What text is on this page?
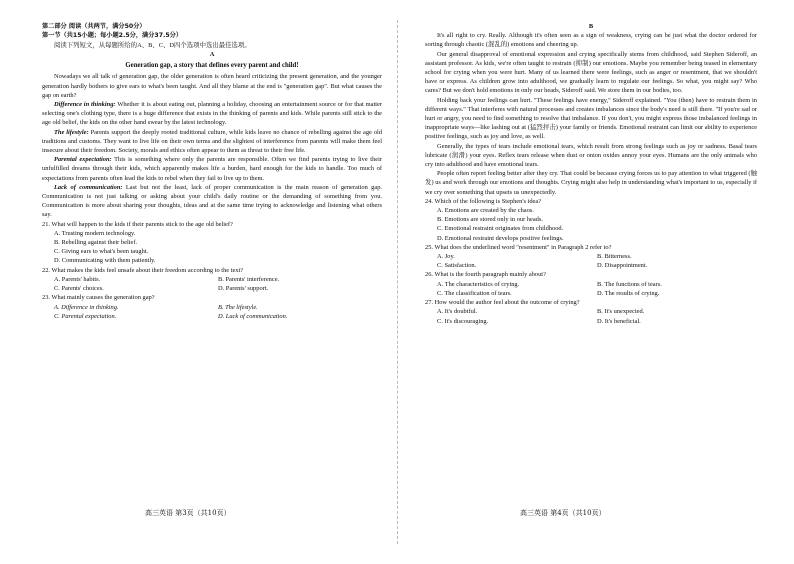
第二部分 阅读（共两节，满分50分）

第一节（共15小题；每小题2.5分，满分37.5分）

阅读下列短文，从每题所给的A、B、C、D四个选项中选出最佳选项。

A

Generation gap, a story that defines every parent and child!

Nowadays we all talk of generation gap, the older generation is often heard criticizing the present generation, and the younger generation hardly bothers to give ears to what's been taught. And all they blame at the end is "generation gap". But what causes the gap on earth?

Difference in thinking: Whether it is about eating out, planning a holiday, choosing an entertainment source or for that matter selecting one's clothing type, there is a huge difference that exists in the thinking of parents and kids. While parents still stick to the age old belief, the kids on the other hand swear by the latest technology.

The lifestyle: Parents support the deeply rooted traditional culture, while kids leave no chance of rebelling against the age old traditions and customs. They want to live life on their own terms and the slightest of interference from parents will make them feel insecure about their freedom. Society, morals and ethics often appear to them as threat to their free life.

Parental expectation: This is something where only the parents are responsible. Often we find parents trying to live their unfulfilled dreams through their kids, which apparently makes life a burden, hard enough for the kids to handle. Too much of expectations from parents often lead the kids to rebel when they fail to live up to them.

Lack of communication: Last but not the least, lack of proper communication is the main reason of generation gap. Communication is not just talking or asking about your child's daily routine or the demanding of something from you. Communication is more about sharing your thoughts, ideas and at the same time trying to acknowledge and listening what others say.

21. What will happen to the kids if their parents stick to the age old belief?

A. Trusting modern technology.

B. Rebelling against their belief.

C. Giving ears to what's been taught.

D. Communicating with them patiently.

22. What makes the kids feel unsafe about their freedom according to the text?

A. Parents' habits.	B. Parents' interference.
C. Parents' choices.	D. Parents' support.

23. What mainly causes the generation gap?

A. Difference in thinking.	B. The lifestyle.
C. Parental expectation.	D. Lack of communication.
高三英语 第3页（共10页）

B

It's all right to cry. Really. Although it's often seen as a sign of weakness, crying can be just what the doctor ordered for sorting through chaotic (混乱的) emotions and cheering up.

Our general disapproval of emotional expression and crying specifically stems from childhood, said Stephen Sideroff, an assistant professor. As kids, we're often taught to restrain (抑制) our emotions. Maybe you remember being teased in elementary school for crying when you were hurt. Many of us learned there were feelings, such as anger or resentment, that we shouldn't have or express. As children grow into adulthood, we gradually learn to regulate our feelings. So what, you might say? Who cares? But we don't hold emotions in only our heads, Sideroff said. We store them in our bodies, too.

Holding back your feelings can hurt. "These feelings have energy," Sideroff explained. "You (then) have to restrain them in different ways." That interferes with natural processes and creates imbalances since the body's need is still there. "If you're sad or hurt or angry, you need to find something to resolve that imbalance. If you don't, you might express those imbalanced feelings in inappropriate ways—like lashing out at (猛烈抨击) your family or friends. Emotional restraint can limit our ability to experience positive feelings, such as joy and love, as well.

Generally, the types of tears include emotional tears, which result from strong feelings such as joy or sadness. Basal tears lubricate (润滑) your eyes. Reflex tears release when dust or onion oxides annoy your eyes. Humans are the only animals who cry into adulthood and have emotional tears.

People often report feeling better after they cry. That could be because crying forces us to pay attention to what triggered (触发) us and work through our emotions and thoughts. Crying might also help in understanding what's important to us, especially if we cry over something that upsets us unexpectedly.

24. Which of the following is Stephen's idea?

A. Emotions are created by the chaos.

B. Emotions are stored only in our heads.

C. Emotional restraint originates from childhood.

D. Emotional restraint develops positive feelings.

25. What does the underlined word "resentment" in Paragraph 2 refer to?

A. Joy.	B. Bitterness.
C. Satisfaction.	D. Disappointment.

26. What is the fourth paragraph mainly about?

A. The characteristics of crying.	B. The functions of tears.
C. The classification of tears.	D. The results of crying.

27. How would the author feel about the outcome of crying?

A. It's doubtful.	B. It's unexpected.
C. It's discouraging.	D. It's beneficial.
高三英语 第4页（共10页）
